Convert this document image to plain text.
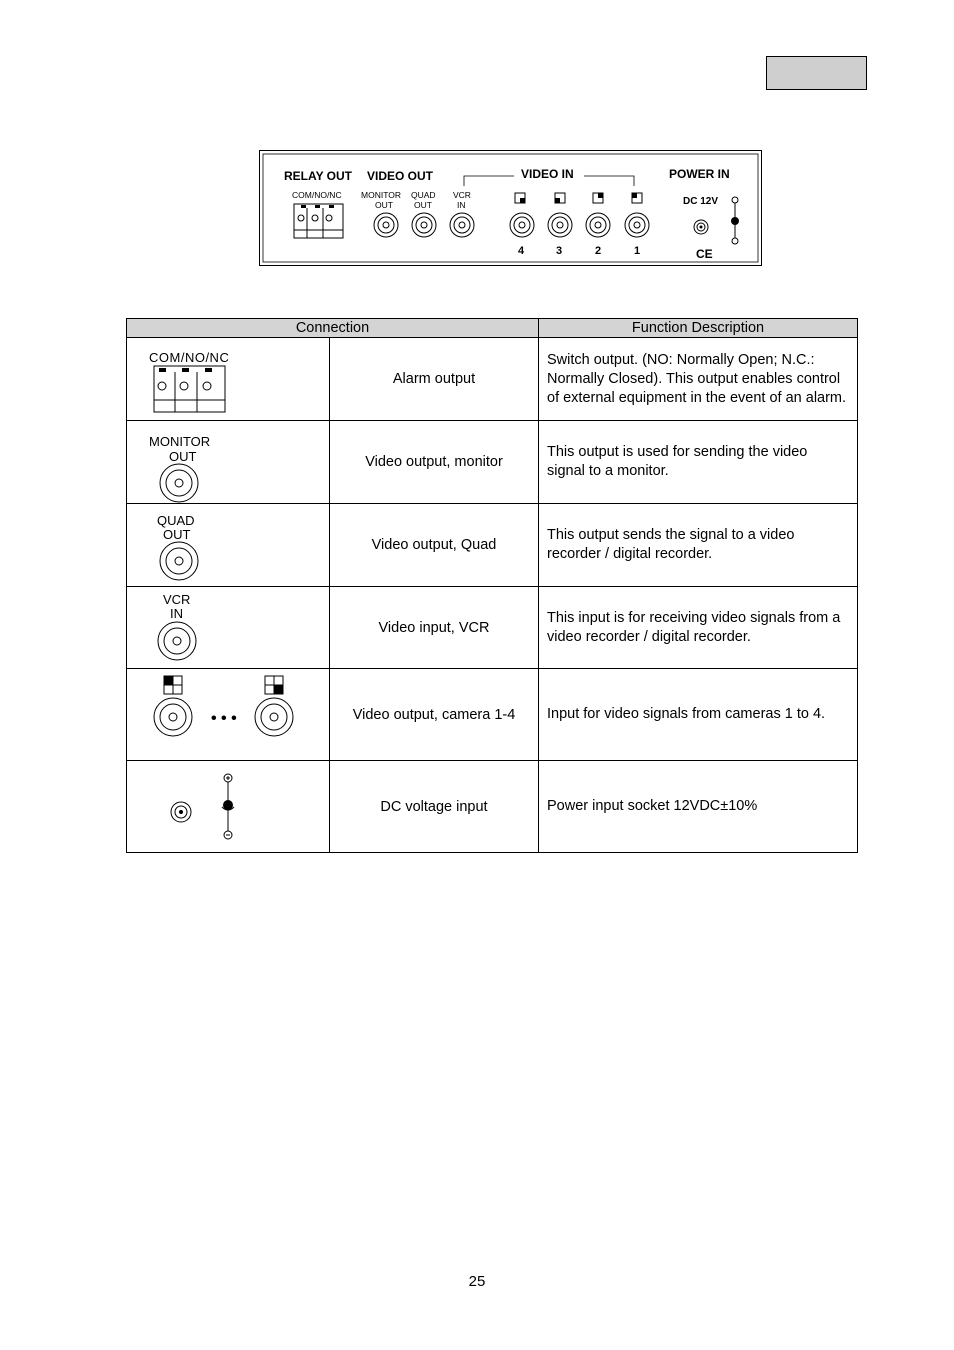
RELAY OUT VIDEO OUT	VIDEO IN	POWER IN
COM/NO/NC MONITOR QUAD
OUT OUT
VCR
IN	DC 12V
4	3	2	1	CE
Connection		Function Description

COM/NO/NC	Alarm output	Switch output. (NO: Normally Open; N.C.: Normally Closed). This output enables control of external equipment in the event of an alarm.

MONITOR
OUT	Video output, monitor	This output is used for sending the video signal to a monitor.

QUAD
OUT	Video output, Quad	This output sends the signal to a video recorder / digital recorder.

VCR
IN	Video input, VCR	This input is for receiving video signals from a video recorder / digital recorder.

• • •	Video output, camera 1-4	Input for video signals from cameras 1 to 4.

	DC voltage input	Power input socket 12VDC±10%
25
